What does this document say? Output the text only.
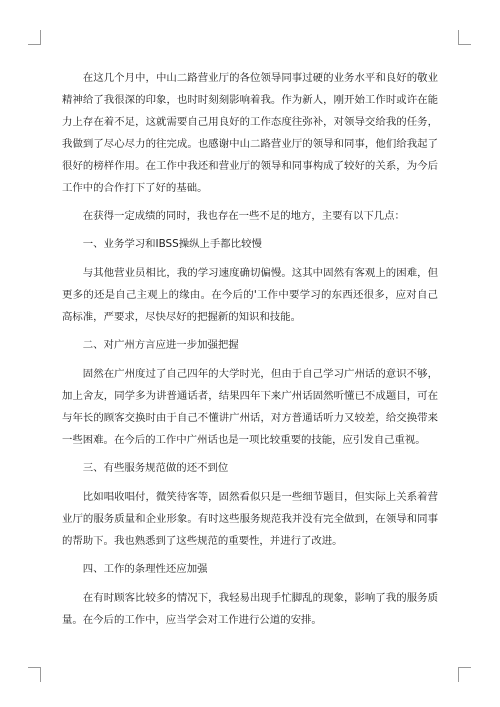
在这几个月中，中山二路营业厅的各位领导同事过硬的业务水平和良好的敬业精神给了我很深的印象，也时时刻刻影响着我。作为新人，刚开始工作时或许在能力上存在着不足，这就需要自己用良好的工作态度往弥补，对领导交给我的任务，我做到了尽心尽力的往完成。也感谢中山二路营业厅的领导和同事，他们给我起了很好的榜样作用。在工作中我还和营业厅的领导和同事构成了较好的关系，为今后工作中的合作打下了好的基础。

在获得一定成绩的同时，我也存在一些不足的地方，主要有以下几点：

一、业务学习和IBSS操纵上手都比较慢

与其他营业员相比，我的学习速度确切偏慢。这其中固然有客观上的困难，但更多的还是自己主观上的缘由。在今后的'工作中要学习的东西还很多，应对自己高标准，严要求，尽快尽好的把握新的知识和技能。

二、对广州方言应进一步加强把握

固然在广州度过了自己四年的大学时光，但由于自己学习广州话的意识不够，加上舍友，同学多为讲普通话者，结果四年下来广州话固然听懂已不成题目，可在与年长的顾客交换时由于自己不懂讲广州话，对方普通话听力又较差，给交换带来一些困难。在今后的工作中广州话也是一项比较重要的技能，应引发自己重视。

三、有些服务规范做的还不到位

比如唱收唱付，微笑待客等，固然看似只是一些细节题目，但实际上关系着营业厅的服务质量和企业形象。有时这些服务规范我并没有完全做到，在领导和同事的帮助下。我也熟悉到了这些规范的重要性，并进行了改进。

四、工作的条理性还应加强

在有时顾客比较多的情况下，我轻易出现手忙脚乱的现象，影响了我的服务质量。在今后的工作中，应当学会对工作进行公道的安排。
